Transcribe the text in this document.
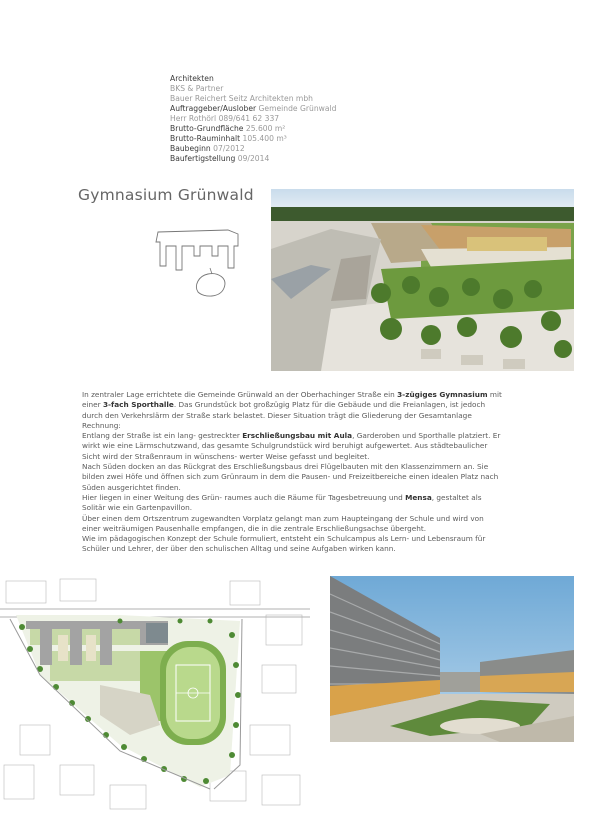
Architekten
BKS & Partner
Bauer Reichert Seitz Architekten mbh
Auftraggeber/Ausl​ober Gemeinde Grünwald
Herr Rothörl 089/641 62 337
Brutto-Grundfläche 25.600 m²
Brutto-Rauminhalt 105.400 m³
Baubeginn 07/2012
Baufertigstellung 09/2014
Gymnasium Grünwald

In zentraler Lage errichtete die Gemeinde Grünwald an der Oberhachinger Straße ein 3-zügiges Gymnasium mit einer 3-fach Sporthalle. Das Grundstück bot großzügig Platz für die Gebäude und die Freianlagen, ist jedoch durch den Verkehrslärm der Straße stark belastet. Dieser Situation trägt die Gliederung der Gesamtanlage Rechnung:

Entlang der Straße ist ein lang- gestreckter Erschließungsbau mit Aula, Garderoben und Sporthalle platziert. Er wirkt wie eine Lärmschutzwand, das gesamte Schulgrundstück wird beruhigt aufgewertet. Aus städtebaulicher Sicht wird der Straßenraum in wünschens- werter Weise gefasst und begleitet.

Nach Süden docken an das Rückgrat des Erschließungsbaus drei Flügelbauten mit den Klassenzimmern an. Sie bilden zwei Höfe und öffnen sich zum Grünraum in dem die Pausen- und Freizeitbereiche einen idealen Platz nach Süden ausgerichtet finden.

Hier liegen in einer Weitung des Grün- raumes auch die Räume für Tagesbetreuung und Mensa, gestaltet als Solitär wie ein Gartenpavillon.

Über einen dem Ortszentrum zugewandten Vorplatz gelangt man zum Haupteingang der Schule und wird von einer weiträumigen Pausenhalle empfangen, die in die zentrale Erschließungsachse übergeht.

Wie im pädagogischen Konzept der Schule formuliert, entsteht ein Schulcampus als Lern- und Lebensraum für Schüler und Lehrer, der über den schulischen Alltag und seine Aufgaben wirken kann.
